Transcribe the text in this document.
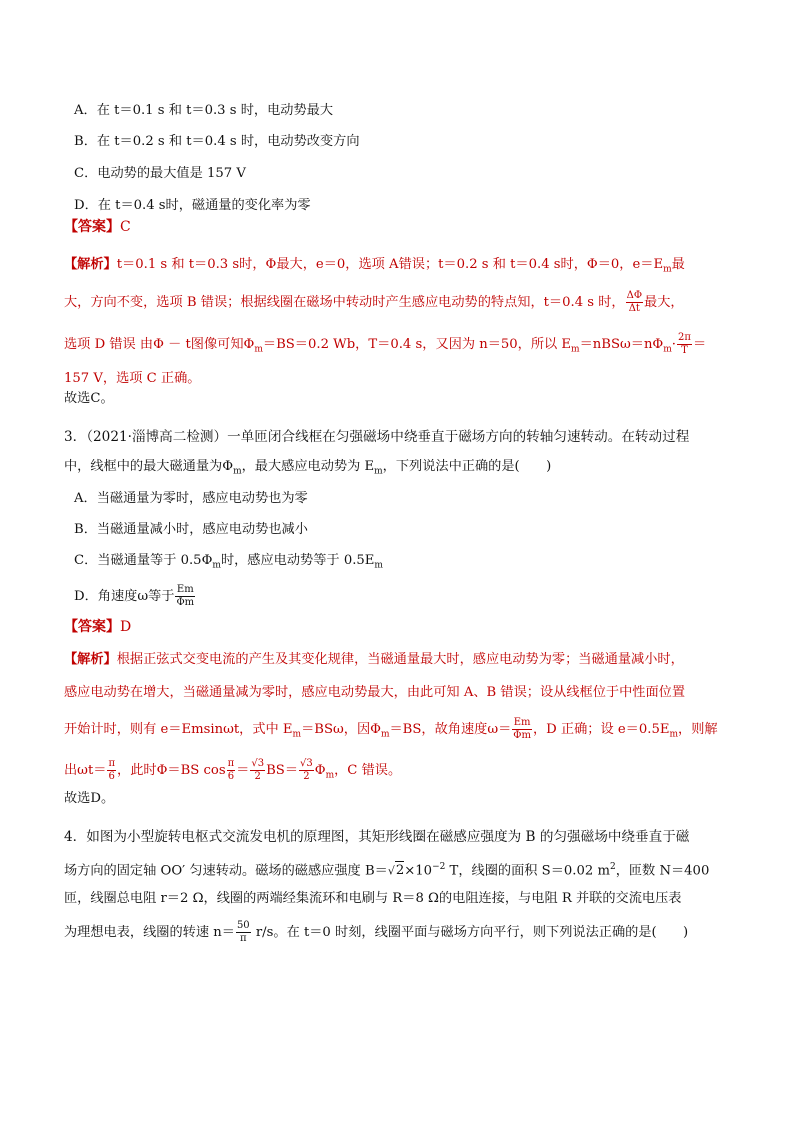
A．在 t＝0.1 s 和 t＝0.3 s 时，电动势最大
B．在 t＝0.2 s 和 t＝0.4 s 时，电动势改变方向
C．电动势的最大值是 157 V
D．在 t＝0.4 s时，磁通量的变化率为零
【答案】C
【解析】t＝0.1 s 和 t＝0.3 s时，Φ最大，e＝0，选项 A错误；t＝0.2 s 和 t＝0.4 s时，Φ＝0，$e=E_m$最
大，方向不变，选项 B 错误；根据线圈在磁场中转动时产生感应电动势的特点知，t＝0.4 s 时， $\frac{\Delta\Phi}{\Delta t}$ 最大，
选项 D 错误 由Φ － t图像可知$\Phi_m=BS=0.2$ Wb，T＝0.4 s，又因为 n＝50，所以 $E_m=nBS\omega=n\Phi_m\cdot \frac{2\pi}{T}$ ＝
157 V，选项 C 正确。
故选C。
3．（2021·淄博高二检测）一单匝闭合线框在匀强磁场中绕垂直于磁场方向的转轴匀速转动。在转动过程
中，线框中的最大磁通量为$\Phi_m$，最大感应电动势为 $E_m$，下列说法中正确的是(　　)
A．当磁通量为零时，感应电动势也为零
B．当磁通量减小时，感应电动势也减小
C．当磁通量等于 $0.5\Phi_m$时，感应电动势等于 $0.5E_m$
D．角速度ω等于 $\frac{Em}{\Phi m}$
【答案】D
【解析】根据正弦式交变电流的产生及其变化规律，当磁通量最大时，感应电动势为零；当磁通量减小时，
感应电动势在增大，当磁通量减为零时，感应电动势最大，由此可知 A、B 错误；设从线框位于中性面位置
开始计时，则有 e＝Emsinωt，式中 $E_m=BS\omega$，因$\Phi_m=BS$，故角速度$\omega= \frac{Em}{\Phi m}$ ，D 正确；设 $e=0.5E_m$，则解
出$\omega t= \frac{\pi}{6}$ ，此时Φ＝BS $\cos \frac{\pi}{6} = \frac{√3}{2} BS= \frac{√3}{2} \Phi_m$，C 错误。
故选D。
4．如图为小型旋转电枢式交流发电机的原理图，其矩形线圈在磁感应强度为 B 的匀强磁场中绕垂直于磁
场方向的固定轴 OO′ 匀速转动。磁场的磁感应强度 $B=√2\times 10^{-2}$ T，线圈的面积 S＝0.02 $m^2$，匝数 N＝400
匝，线圈总电阻 r＝2 Ω，线圈的两端经集流环和电刷与 R＝8 Ω的电阻连接，与电阻 R 并联的交流电压表
为理想电表，线圈的转速 $n= \frac{50}{\pi} r/s$。在 t＝0 时刻，线圈平面与磁场方向平行，则下列说法正确的是(　　)
